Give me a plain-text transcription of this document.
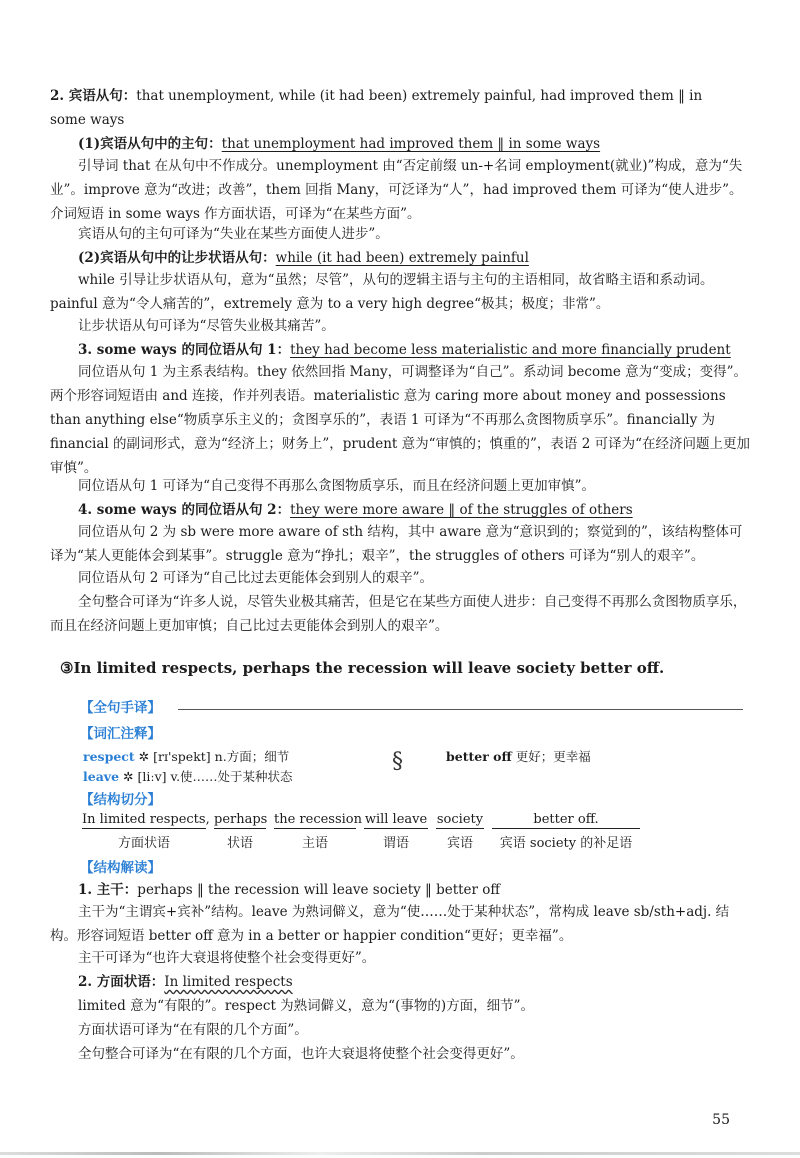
2. 宾语从句：that unemployment, while (it had been) extremely painful, had improved them ‖ in

some ways

(1)宾语从句中的主句：that unemployment had improved them ‖ in some ways

引导词 that 在从句中不作成分。unemployment 由“否定前缀 un-+名词 employment(就业)”构成，意为“失业”。improve 意为“改进；改善”，them 回指 Many，可泛译为“人”，had improved them 可译为“使人进步”。介词短语 in some ways 作方面状语，可译为“在某些方面”。

宾语从句的主句可译为“失业在某些方面使人进步”。

(2)宾语从句中的让步状语从句：while (it had been) extremely painful

while 引导让步状语从句，意为“虽然；尽管”，从句的逻辑主语与主句的主语相同，故省略主语和系动词。painful 意为“令人痛苦的”，extremely 意为 to a very high degree“极其；极度；非常”。

让步状语从句可译为“尽管失业极其痛苦”。

3. some ways 的同位语从句 1：they had become less materialistic and more financially prudent

同位语从句 1 为主系表结构。they 依然回指 Many，可调整译为“自己”。系动词 become 意为“变成；变得”。两个形容词短语由 and 连接，作并列表语。materialistic 意为 caring more about money and possessions than anything else“物质享乐主义的；贪图享乐的”，表语 1 可译为“不再那么贪图物质享乐”。financially 为 financial 的副词形式，意为“经济上；财务上”，prudent 意为“审慎的；慎重的”，表语 2 可译为“在经济问题上更加审慎”。

同位语从句 1 可译为“自己变得不再那么贪图物质享乐，而且在经济问题上更加审慎”。

4. some ways 的同位语从句 2：they were more aware ‖ of the struggles of others

同位语从句 2 为 sb were more aware of sth 结构，其中 aware 意为“意识到的；察觉到的”，该结构整体可译为“某人更能体会到某事”。struggle 意为“挣扎；艰辛”，the struggles of others 可译为“别人的艰辛”。

同位语从句 2 可译为“自己比过去更能体会到别人的艰辛”。

全句整合可译为“许多人说，尽管失业极其痛苦，但是它在某些方面使人进步：自己变得不再那么贪图物质享乐，而且在经济问题上更加审慎；自己比过去更能体会到别人的艰辛”。

③In limited respects, perhaps the recession will leave society better off.

【全句手译】

【词汇注释】

respect ✲ [rɪ'spekt] n.方面；细节
leave ✲ [liːv] v.使……处于某种状态
§	better off 更好；更幸福

【结构切分】

In limited respects,
方面状语
perhaps
状语
the recession
主语
will leave
谓语
society
宾语
better off.
宾语 society 的补足语

【结构解读】

1. 主干：perhaps ‖ the recession will leave society ‖ better off

主干为“主谓宾+宾补”结构。leave 为熟词僻义，意为“使……处于某种状态”，常构成 leave sb/sth+adj. 结构。形容词短语 better off 意为 in a better or happier condition“更好；更幸福”。

主干可译为“也许大衰退将使整个社会变得更好”。

2. 方面状语：In limited respects

limited 意为“有限的”。respect 为熟词僻义，意为“(事物的)方面，细节”。

方面状语可译为“在有限的几个方面”。

全句整合可译为“在有限的几个方面，也许大衰退将使整个社会变得更好”。

55
